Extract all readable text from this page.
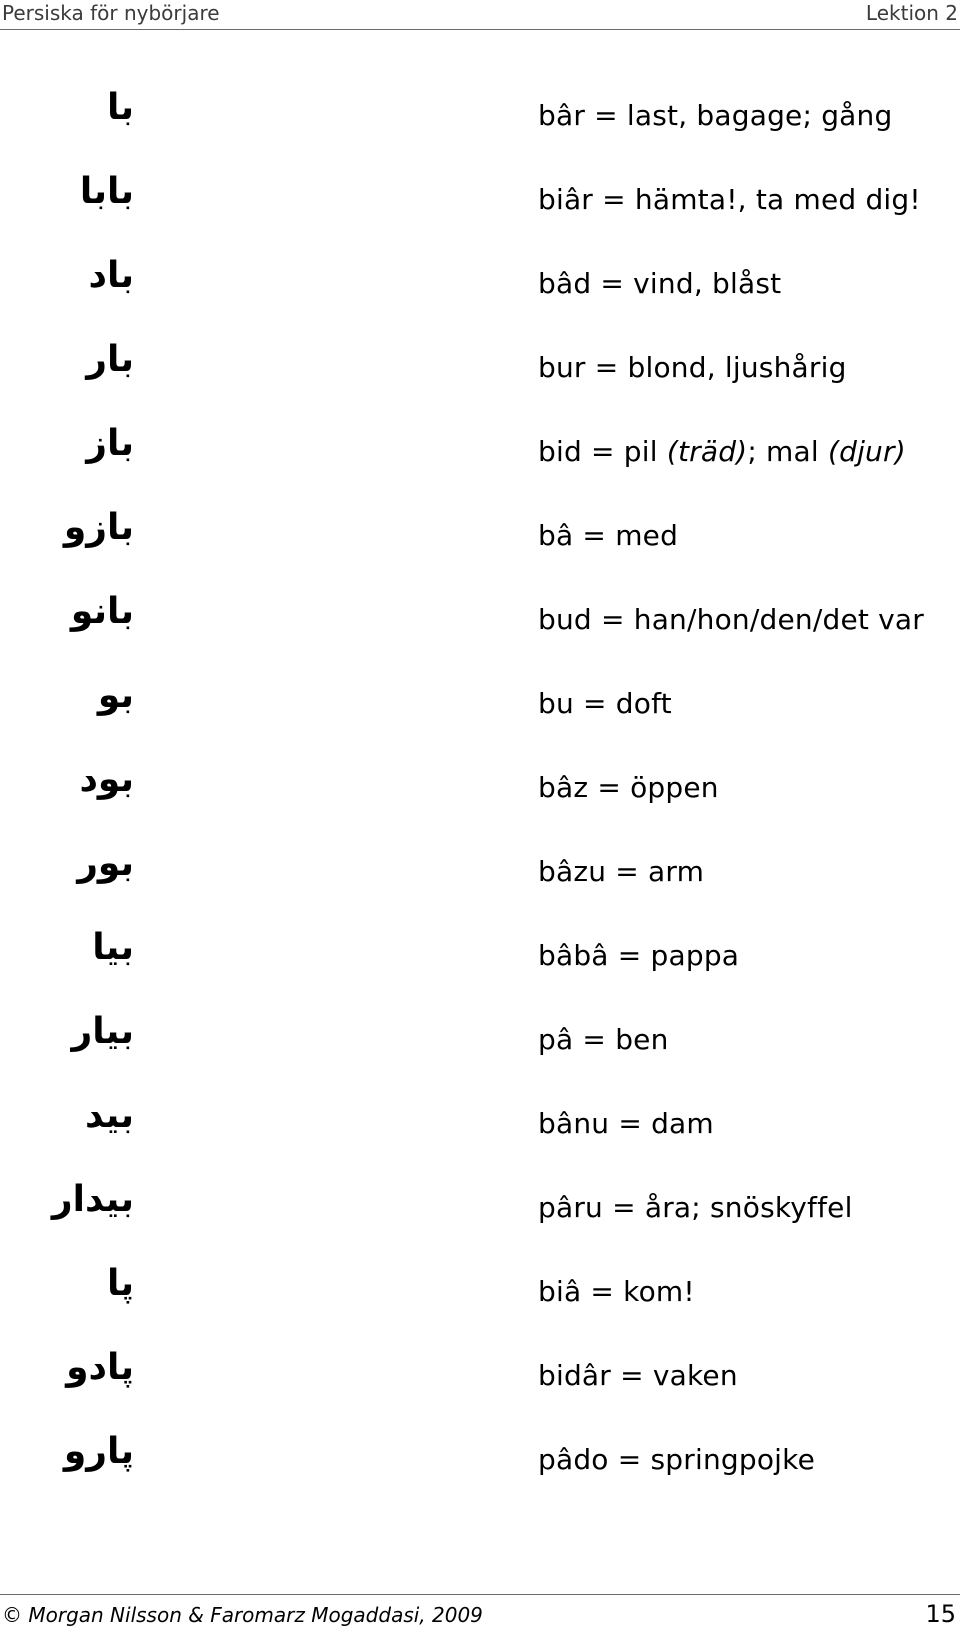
Persiska för nybörjare	Lektion 2
با	bâr = last, bagage; gång
بابا	biâr = hämta!, ta med dig!
باد	bâd = vind, blåst
بار	bur = blond, ljushårig
باز	bid = pil (träd); mal (djur)
بازو	bâ = med
بانو	bud = han/hon/den/det var
بو	bu = doft
بود	bâz = öppen
بور	bâzu = arm
بیا	bâbâ = pappa
بیار	pâ = ben
بید	bânu = dam
بیدار	pâru = åra; snöskyffel
پا	biâ = kom!
پادو	bidâr = vaken
پارو	pâdo = springpojke
© Morgan Nilsson & Faromarz Mogaddasi, 2009	15
